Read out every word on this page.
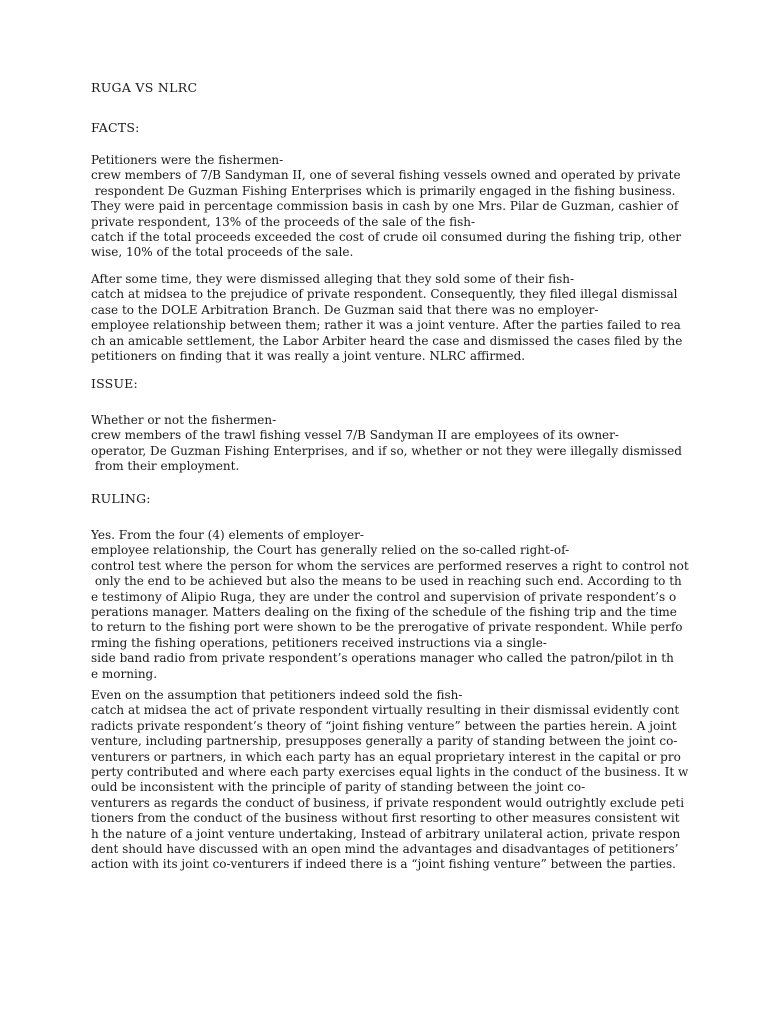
RUGA VS NLRC
FACTS:

Petitioners were the fishermen-
crew members of 7/B Sandyman II, one of several fishing vessels owned and operated by private
respondent De Guzman Fishing Enterprises which is primarily engaged in the fishing business.
They were paid in percentage commission basis in cash by one Mrs. Pilar de Guzman, cashier of
private respondent, 13% of the proceeds of the sale of the fish-
catch if the total proceeds exceeded the cost of crude oil consumed during the fishing trip, other
wise, 10% of the total proceeds of the sale.

After some time, they were dismissed alleging that they sold some of their fish-
catch at midsea to the prejudice of private respondent. Consequently, they filed illegal dismissal
case to the DOLE Arbitration Branch. De Guzman said that there was no employer-
employee relationship between them; rather it was a joint venture. After the parties failed to rea
ch an amicable settlement, the Labor Arbiter heard the case and dismissed the cases filed by the
petitioners on finding that it was really a joint venture. NLRC affirmed.

ISSUE:

Whether or not the fishermen-
crew members of the trawl fishing vessel 7/B Sandyman II are employees of its owner-
operator, De Guzman Fishing Enterprises, and if so, whether or not they were illegally dismissed
from their employment.

RULING:

Yes. From the four (4) elements of employer-
employee relationship, the Court has generally relied on the so-called right-of-
control test where the person for whom the services are performed reserves a right to control not
only the end to be achieved but also the means to be used in reaching such end. According to th
e testimony of Alipio Ruga, they are under the control and supervision of private respondent’s o
perations manager. Matters dealing on the fixing of the schedule of the fishing trip and the time
to return to the fishing port were shown to be the prerogative of private respondent. While perfo
rming the fishing operations, petitioners received instructions via a single-
side band radio from private respondent’s operations manager who called the patron/pilot in th
e morning.

Even on the assumption that petitioners indeed sold the fish-
catch at midsea the act of private respondent virtually resulting in their dismissal evidently cont
radicts private respondent’s theory of “joint fishing venture” between the parties herein. A joint
venture, including partnership, presupposes generally a parity of standing between the joint co-
venturers or partners, in which each party has an equal proprietary interest in the capital or pro
perty contributed and where each party exercises equal lights in the conduct of the business. It w
ould be inconsistent with the principle of parity of standing between the joint co-
venturers as regards the conduct of business, if private respondent would outrightly exclude peti
tioners from the conduct of the business without first resorting to other measures consistent wit
h the nature of a joint venture undertaking, Instead of arbitrary unilateral action, private respon
dent should have discussed with an open mind the advantages and disadvantages of petitioners’
action with its joint co-venturers if indeed there is a “joint fishing venture” between the parties.
